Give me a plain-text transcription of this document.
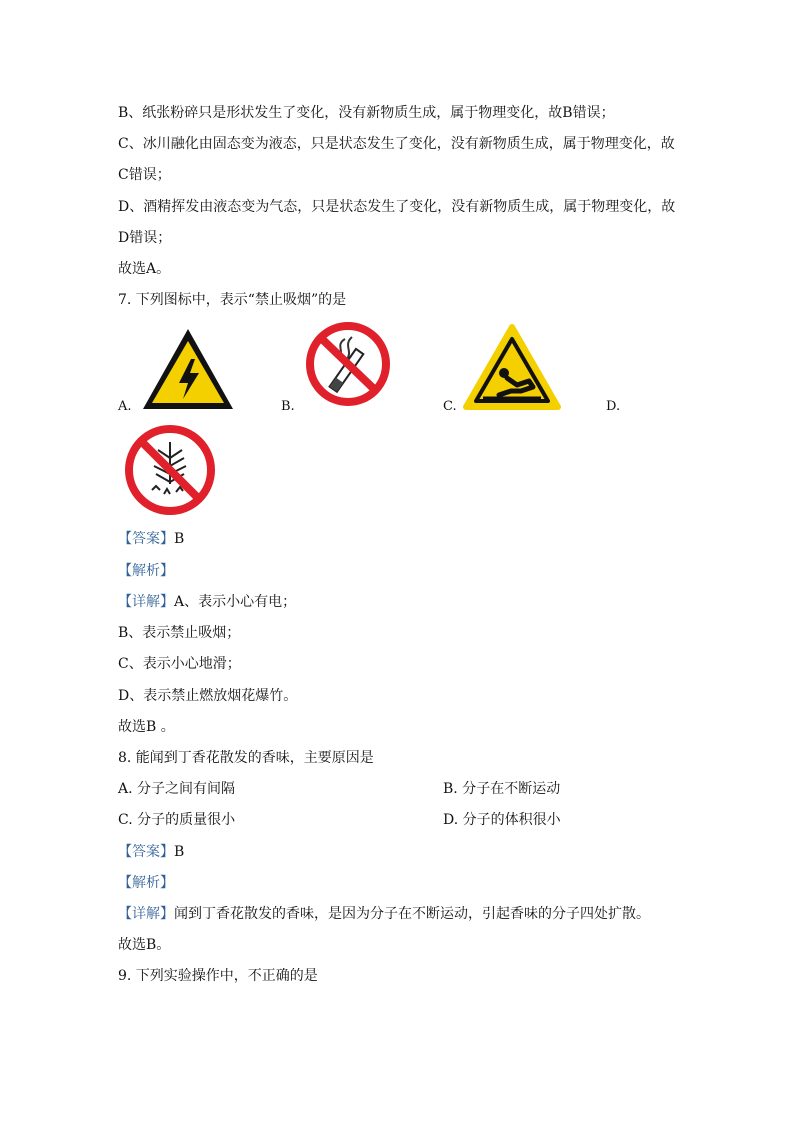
B、纸张粉碎只是形状发生了变化，没有新物质生成，属于物理变化，故B错误；
C、冰川融化由固态变为液态，只是状态发生了变化，没有新物质生成，属于物理变化，故
C错误；
D、酒精挥发由液态变为气态，只是状态发生了变化，没有新物质生成，属于物理变化，故
D错误；
故选A。
7. 下列图标中，表示“禁止吸烟”的是
A.	B.	C.	D.
【答案】B
【解析】
【详解】A、表示小心有电；
B、表示禁止吸烟；
C、表示小心地滑；
D、表示禁止燃放烟花爆竹。
故选B 。
8. 能闻到丁香花散发的香味，主要原因是
A. 分子之间有间隔	B. 分子在不断运动
C. 分子的质量很小	D. 分子的体积很小
【答案】B
【解析】
【详解】闻到丁香花散发的香味，是因为分子在不断运动，引起香味的分子四处扩散。
故选B。
9. 下列实验操作中，不正确的是
